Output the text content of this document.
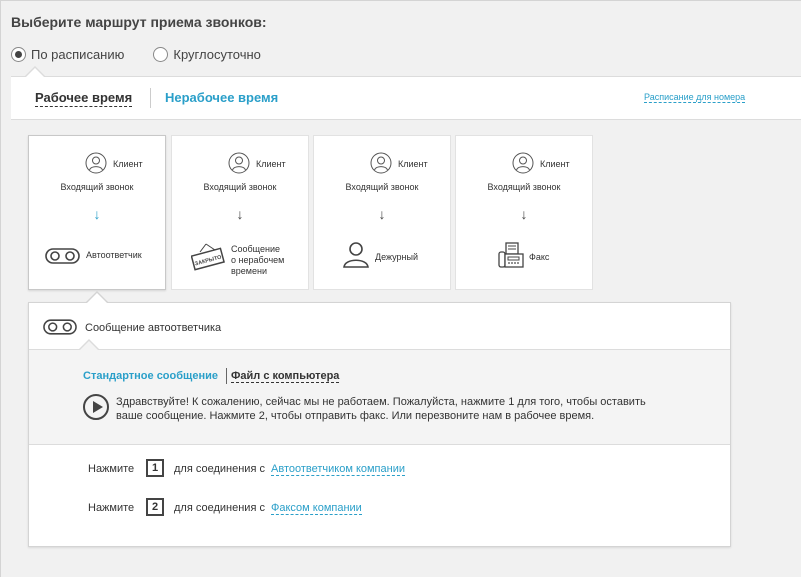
Выберите маршрут приема звонков:
По расписанию	Круглосуточно
Рабочее время	Нерабочее время	Расписание для номера
Клиент
Входящий звонок
↓
Автоответчик
Клиент
Входящий звонок
↓
ЗАКРЫТО
Сообщение
о нерабочем
времени
Клиент
Входящий звонок
↓
Дежурный
Клиент
Входящий звонок
↓
Факс
Сообщение автоответчика
Стандартное сообщение Файл с компьютера
Здравствуйте! К сожалению, сейчас мы не работаем. Пожалуйста, нажмите 1 для того, чтобы оставить
ваше сообщение. Нажмите 2, чтобы отправить факс. Или перезвоните нам в рабочее время.
Нажмите	1	для соединения с Автоответчиком компании
Нажмите	2	для соединения с Факсом компании
